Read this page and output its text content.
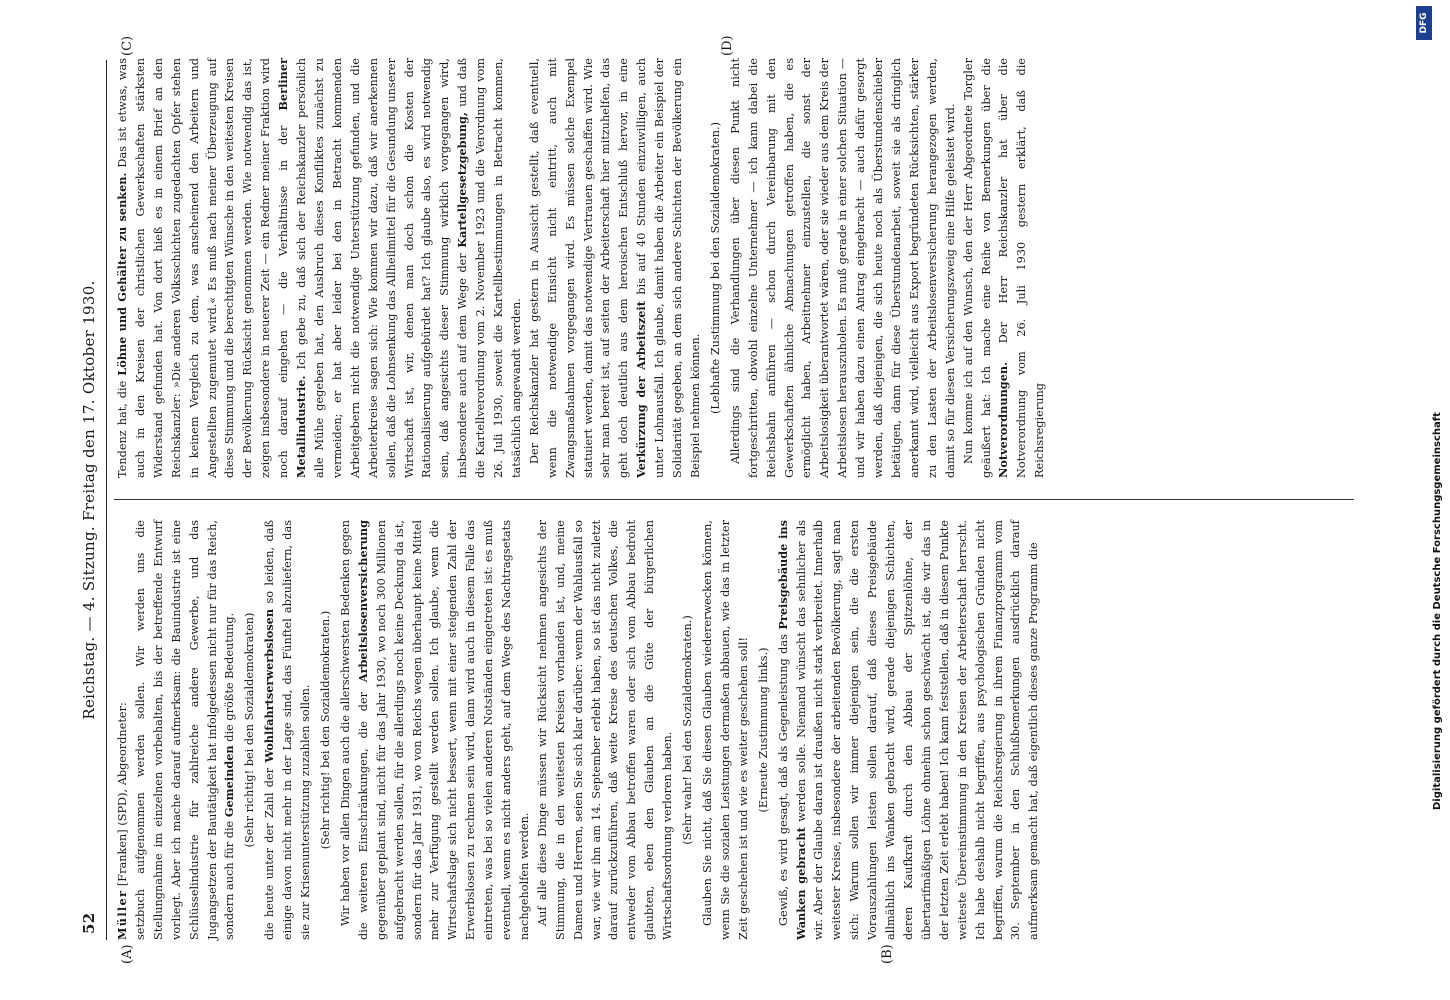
52
Reichstag. — 4. Sitzung. Freitag den 17. Oktober 1930.
(A)	(B)
(C)	(D)

Müller [Franken] (SPD), Abgeordneter: setzbuch aufgenommen werden sollen. Wir werden uns die Stellungnahme im einzelnen vorbehalten, bis der betreffende Entwurf vorliegt. Aber ich mache darauf aufmerksam: die Bauindustrie ist eine Schlüsselindustrie für zahlreiche andere Gewerbe, und das Jugangsetzen der Bautätigkeit hat infolgedessen nicht nur für das Reich, sondern auch für die Gemeinden die größte Bedeutung. (Sehr richtig! bei den Sozialdemokraten)

die heute unter der Zahl der Wohlfahrtserwerbslosen so leiden, daß einige davon nicht mehr in der Lage sind, das Fünftel abzuliefern, das sie zur Krisenunterstützung zuzahlen sollen. (Sehr richtig! bei den Sozialdemokraten.) Wir haben vor allen Dingen auch die allerschwersten Bedenken gegen die weiteren Einschränkungen, die der Arbeitslosenversicherung gegenüber geplant sind, nicht für das Jahr 1930, wo noch 300 Millionen aufgebracht werden sollen, für die allerdings noch keine Deckung da ist, sondern für das Jahr 1931, wo von Reichs wegen überhaupt keine Mittel mehr zur Verfügung gestellt werden sollen. Ich glaube, wenn die Wirtschaftslage sich nicht bessert, wenn mit einer steigenden Zahl der Erwerbslosen zu rechnen sein wird, dann wird auch in diesem Falle das eintreten, was bei so vielen anderen Notständen eingetreten ist: es muß eventuell, wenn es nicht anders geht, auf dem Wege des Nachtragsetats nachgeholfen werden. Auf alle diese Dinge müssen wir Rücksicht nehmen angesichts der Stimmung, die in den weitesten Kreisen vorhanden ist, und, meine Damen und Herren, seien Sie sich klar darüber: wenn der Wahlausfall so war, wie wir ihn am 14. September erlebt haben, so ist das nicht zuletzt darauf zurückzuführen, daß weite Kreise des deutschen Volkes, die entweder vom Abbau betroffen waren oder sich vom Abbau bedroht glaubten, eben den Glauben an die Güte der bürgerlichen Wirtschaftsordnung verloren haben. (Sehr wahr! bei den Sozialdemokraten.) Glauben Sie nicht, daß Sie diesen Glauben wiedererwecken können, wenn Sie die sozialen Leistungen dermaßen abbauen, wie das in letzter Zeit geschehen ist und wie es weiter geschehen soll! (Erneute Zustimmung links.) Gewiß, es wird gesagt, daß als Gegenleistung das Preisgebäude ins Wanken gebracht werden solle. Niemand wünscht das sehnlicher als wir. Aber der Glaube daran ist draußen nicht stark verbreitet. Innerhalb weitester Kreise, insbesondere der arbeitenden Bevölkerung, sagt man sich: Warum sollen wir immer diejenigen sein, die die ersten Vorauszahlungen leisten sollen darauf, daß dieses Preisgebäude allmählich ins Wanken gebracht wird, gerade diejenigen Schichten, deren Kaufkraft durch den Abbau der Spitzenlöhne, der übertarifmäßigen Löhne ohnehin schon geschwächt ist, die wir das in der letzten Zeit erlebt haben! Ich kann feststellen, daß in diesem Punkte weiteste Übereinstimmung in den Kreisen der Arbeiterschaft herrscht. Ich habe deshalb nicht begriffen, aus psychologischen Gründen nicht begriffen, warum die Reichsregierung in ihrem Finanzprogramm vom 30. September in den Schlußbemerkungen ausdrücklich darauf aufmerksam gemacht hat, daß eigentlich dieses ganze Programm die

Tendenz hat, die Löhne und Gehälter zu senken. Das ist etwas, was auch in den Kreisen der christlichen Gewerkschaften stärksten Widerstand gefunden hat. Von dort hieß es in einem Brief an den Reichskanzler: »Die anderen Volksschichten zugedachten Opfer stehen in keinem Vergleich zu dem, was anscheinend den Arbeitern und Angestellten zugemutet wird.« Es muß nach meiner Überzeugung auf diese Stimmung und die berechtigten Wünsche in den weitesten Kreisen der Bevölkerung Rücksicht genommen werden. Wie notwendig das ist, zeigen insbesondere in neuerer Zeit — ein Redner meiner Fraktion wird noch darauf eingehen — die Verhältnisse in der Berliner Metallindustrie. Ich gebe zu, daß sich der Reichskanzler persönlich alle Mühe gegeben hat, den Ausbruch dieses Konfliktes zunächst zu vermeiden; er hat aber leider bei den in Betracht kommenden Arbeitgebern nicht die notwendige Unterstützung gefunden, und die Arbeiterkreise sagen sich: Wie kommen wir dazu, daß wir anerkennen sollen, daß die Lohnsenkung das Allheilmittel für die Gesundung unserer Wirtschaft ist, wir, denen man doch schon die Kosten der Rationalisierung aufgebürdet hat? Ich glaube also, es wird notwendig sein, daß angesichts dieser Stimmung wirklich vorgegangen wird, insbesondere auch auf dem Wege der Kartellgesetzgebung, und daß die Kartellverordnung vom 2. November 1923 und die Verordnung vom 26. Juli 1930, soweit die Kartellbestimmungen in Betracht kommen, tatsächlich angewandt werden. Der Reichskanzler hat gestern in Aussicht gestellt, daß eventuell, wenn die notwendige Einsicht nicht eintritt, auch mit Zwangsmaßnahmen vorgegangen wird. Es müssen solche Exempel statuiert werden, damit das notwendige Vertrauen geschaffen wird. Wie sehr man bereit ist, auf seiten der Arbeiterschaft hier mitzuhelfen, das geht doch deutlich aus dem heroischen Entschluß hervor, in eine Verkürzung der Arbeitszeit bis auf 40 Stunden einzuwilligen, auch unter Lohnausfall. Ich glaube, damit haben die Arbeiter ein Beispiel der Solidarität gegeben, an dem sich andere Schichten der Bevölkerung ein Beispiel nehmen können. (Lebhafte Zustimmung bei den Sozialdemokraten.) Allerdings sind die Verhandlungen über diesen Punkt nicht fortgeschritten, obwohl einzelne Unternehmer — ich kann dabei die Reichsbahn anführen — schon durch Vereinbarung mit den Gewerkschaften ähnliche Abmachungen getroffen haben, die es ermöglicht haben, Arbeitnehmer einzustellen, die sonst der Arbeitslosigkeit überantwortet wären, oder sie wieder aus dem Kreis der Arbeitslosen herauszuholen. Es muß gerade in einer solchen Situation — und wir haben dazu einen Antrag eingebracht — auch dafür gesorgt werden, daß diejenigen, die sich heute noch als Überstundenschieber betätigen, dann für diese Überstundenarbeit, soweit sie als dringlich anerkannt wird, vielleicht aus Export begründeten Rücksichten, stärker zu den Lasten der Arbeitslosenversicherung herangezogen werden, damit so für diesen Versicherungszweig eine Hilfe geleistet wird. Nun komme ich auf den Wunsch, den der Herr Abgeordnete Torgler geäußert hat: Ich mache eine Reihe von Bemerkungen über die Notverordnungen. Der Herr Reichskanzler hat über die Notverordnung vom 26. Juli 1930 gestern erklärt, daß die Reichsregierung

DFG
Digitalisierung gefördert durch die Deutsche Forschungsgemeinschaft
